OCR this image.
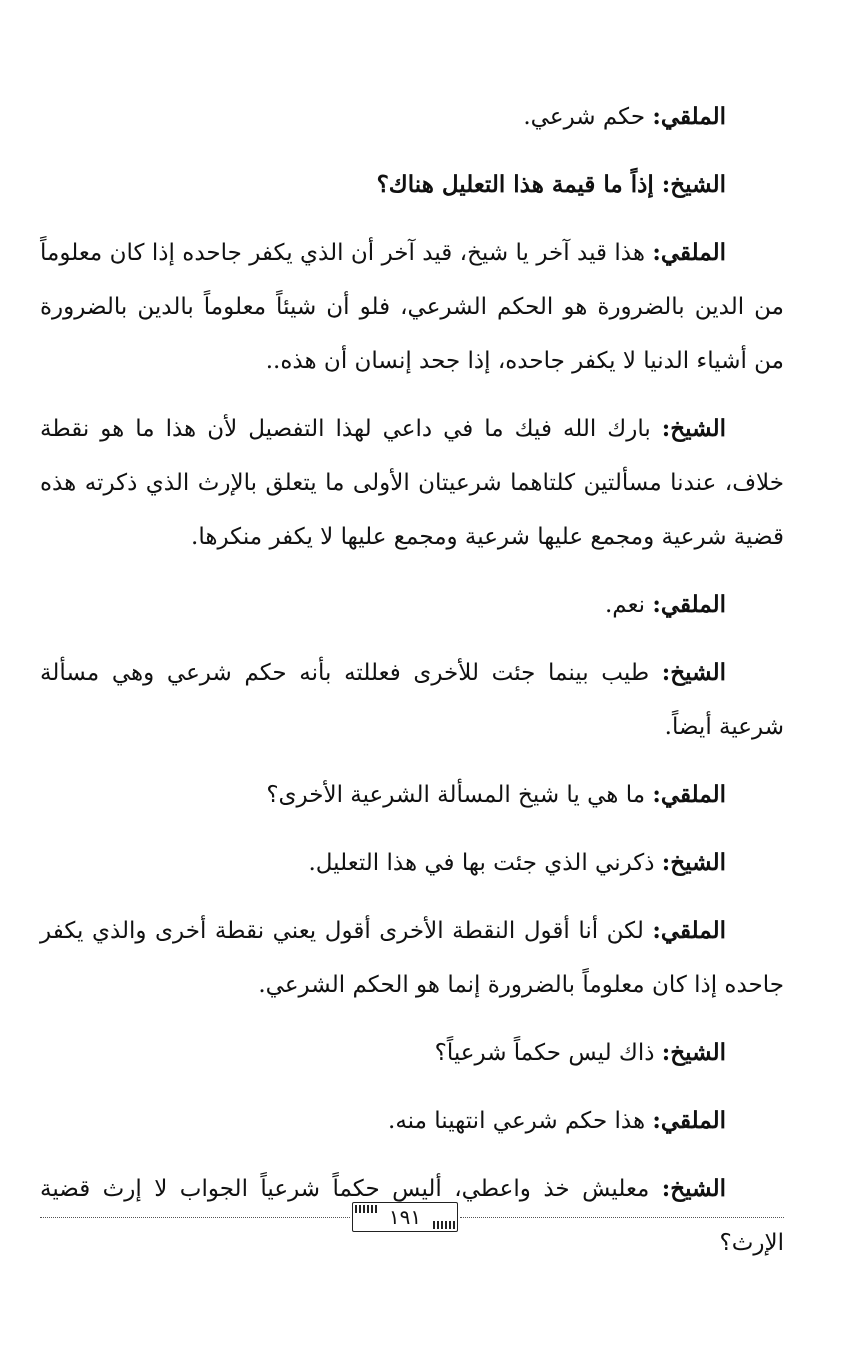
الملقي: حكم شرعي.

الشيخ: إذاً ما قيمة هذا التعليل هناك؟

الملقي: هذا قيد آخر يا شيخ، قيد آخر أن الذي يكفر جاحده إذا كان معلوماً من الدين بالضرورة هو الحكم الشرعي، فلو أن شيئاً معلوماً بالدين بالضرورة من أشياء الدنيا لا يكفر جاحده، إذا جحد إنسان أن هذه..

الشيخ: بارك الله فيك ما في داعي لهذا التفصيل لأن هذا ما هو نقطة خلاف، عندنا مسألتين كلتاهما شرعيتان الأولى ما يتعلق بالإرث الذي ذكرته هذه قضية شرعية ومجمع عليها شرعية ومجمع عليها لا يكفر منكرها.

الملقي: نعم.

الشيخ: طيب بينما جئت للأخرى فعللته بأنه حكم شرعي وهي مسألة شرعية أيضاً.

الملقي: ما هي يا شيخ المسألة الشرعية الأخرى؟

الشيخ: ذكرني الذي جئت بها في هذا التعليل.

الملقي: لكن أنا أقول النقطة الأخرى أقول يعني نقطة أخرى والذي يكفر جاحده إذا كان معلوماً بالضرورة إنما هو الحكم الشرعي.

الشيخ: ذاك ليس حكماً شرعياً؟

الملقي: هذا حكم شرعي انتهينا منه.

الشيخ: معليش خذ واعطي، أليس حكماً شرعياً الجواب لا إرث قضية الإرث؟

١٩١
